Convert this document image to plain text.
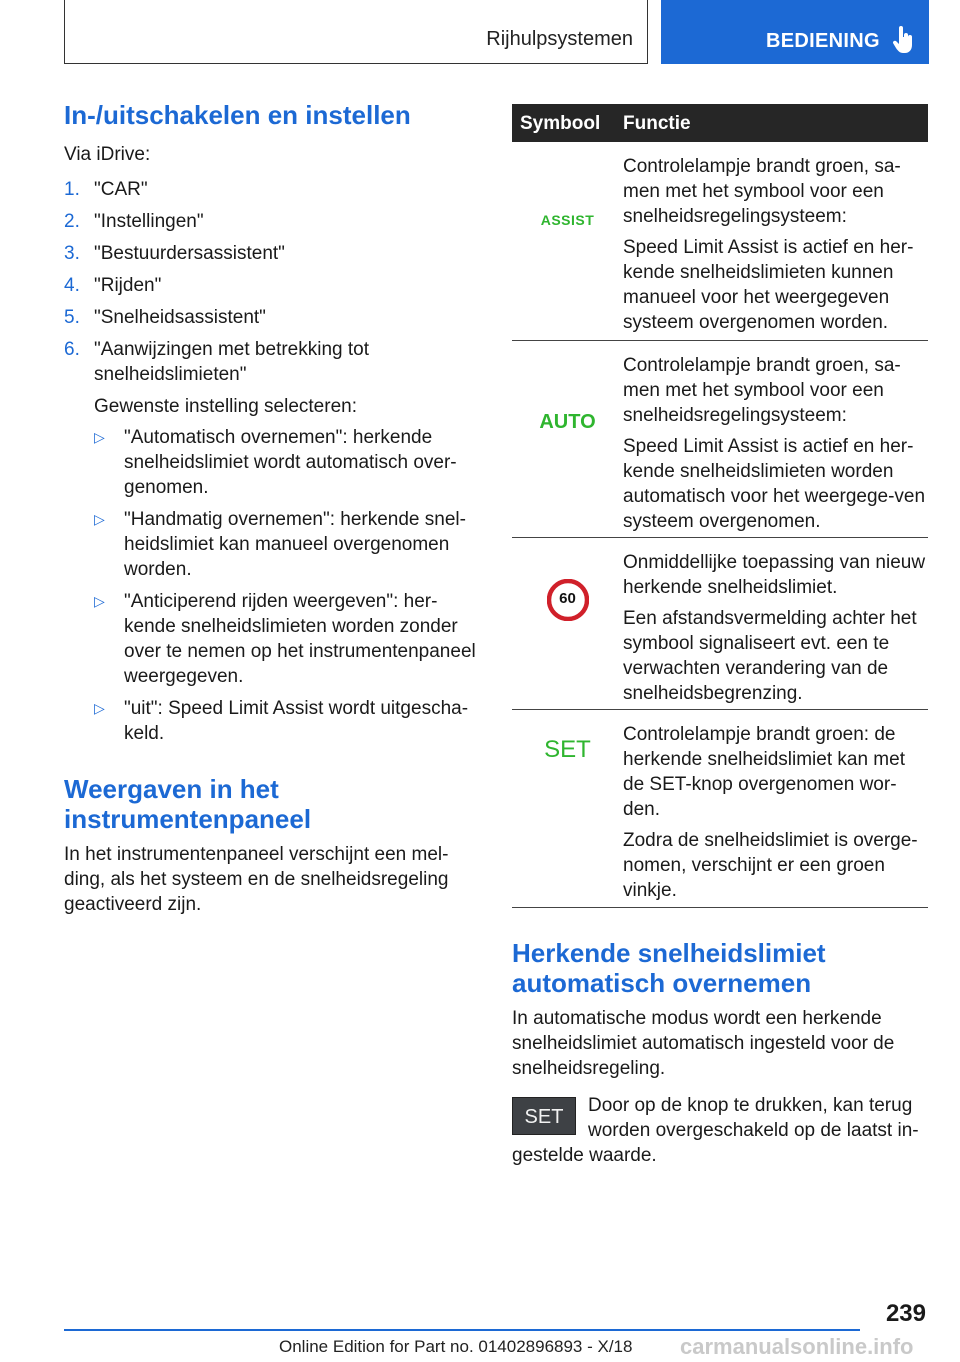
Rijhulpsystemen	BEDIENING
In-/uitschakelen en instellen

Via iDrive:

1. "CAR"
2. "Instellingen"
3. "Bestuurdersassistent"
4. "Rijden"
5. "Snelheidsassistent"
6. "Aanwijzingen met betrekking tot snelheidslimieten"

Gewenste instelling selecteren:

▷ "Automatisch overnemen": herkende snelheidslimiet wordt automatisch over-genomen.
▷ "Handmatig overnemen": herkende snel-heidslimiet kan manueel overgenomen worden.
▷ "Anticiperend rijden weergeven": her-kende snelheidslimieten worden zonder over te nemen op het instrumentenpaneel weergegeven.
▷ "uit": Speed Limit Assist wordt uitgescha-keld.
Weergaven in het instrumentenpaneel

In het instrumentenpaneel verschijnt een mel-ding, als het systeem en de snelheidsregeling geactiveerd zijn.

Symbool Functie
ASSIST

Controlelampje brandt groen, sa-men met het symbool voor een snelheidsregelingsysteem:

Speed Limit Assist is actief en her-kende snelheidslimieten kunnen manueel voor het weergegeven systeem overgenomen worden.

AUTO

Controlelampje brandt groen, sa-men met het symbool voor een snelheidsregelingsysteem:

Speed Limit Assist is actief en her-kende snelheidslimieten worden automatisch voor het weergege-ven systeem overgenomen.

60

Onmiddellijke toepassing van nieuw herkende snelheidslimiet.

Een afstandsvermelding achter het symbool signaliseert evt. een te verwachten verandering van de snelheidsbegrenzing.

SET

Controlelampje brandt groen: de herkende snelheidslimiet kan met de SET-knop overgenomen wor-den.

Zodra de snelheidslimiet is overge-nomen, verschijnt er een groen vinkje.

Herkende snelheidslimiet automatisch overnemen

In automatische modus wordt een herkende snelheidslimiet automatisch ingesteld voor de snelheidsregeling.

SET

Door op de knop te drukken, kan terug worden overgeschakeld op de laatst in-gestelde waarde.

239
Online Edition for Part no. 01402896893 - X/18 carmanualsonline.info
